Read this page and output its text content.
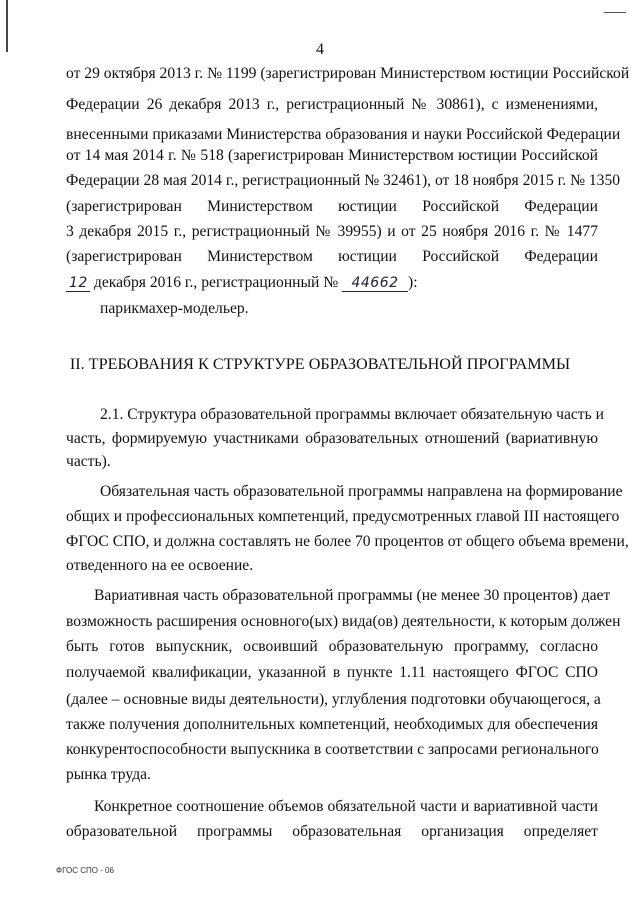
4
от 29 октября 2013 г. № 1199 (зарегистрирован Министерством юстиции Российской
Федерации 26 декабря 2013 г., регистрационный № 30861), с изменениями,
внесенными приказами Министерства образования и науки Российской Федерации
от 14 мая 2014 г. № 518 (зарегистрирован Министерством юстиции Российской
Федерации 28 мая 2014 г., регистрационный № 32461), от 18 ноября 2015 г. № 1350
(зарегистрирован Министерством юстиции Российской Федерации
3 декабря 2015 г., регистрационный № 39955) и от 25 ноября 2016 г. № 1477
(зарегистрирован Министерством юстиции Российской Федерации
12 декабря 2016 г., регистрационный № 44662 ):
парикмахер-модельер.
II. ТРЕБОВАНИЯ К СТРУКТУРЕ ОБРАЗОВАТЕЛЬНОЙ ПРОГРАММЫ
2.1. Структура образовательной программы включает обязательную часть и
часть, формируемую участниками образовательных отношений (вариативную
часть).
Обязательная часть образовательной программы направлена на формирование
общих и профессиональных компетенций, предусмотренных главой III настоящего
ФГОС СПО, и должна составлять не более 70 процентов от общего объема времени,
отведенного на ее освоение.
Вариативная часть образовательной программы (не менее 30 процентов) дает
возможность расширения основного(ых) вида(ов) деятельности, к которым должен
быть готов выпускник, освоивший образовательную программу, согласно
получаемой квалификации, указанной в пункте 1.11 настоящего ФГОС СПО
(далее – основные виды деятельности), углубления подготовки обучающегося, а
также получения дополнительных компетенций, необходимых для обеспечения
конкурентоспособности выпускника в соответствии с запросами регионального
рынка труда.
Конкретное соотношение объемов обязательной части и вариативной части
образовательной программы образовательная организация определяет
ФГОС СПО - 06
